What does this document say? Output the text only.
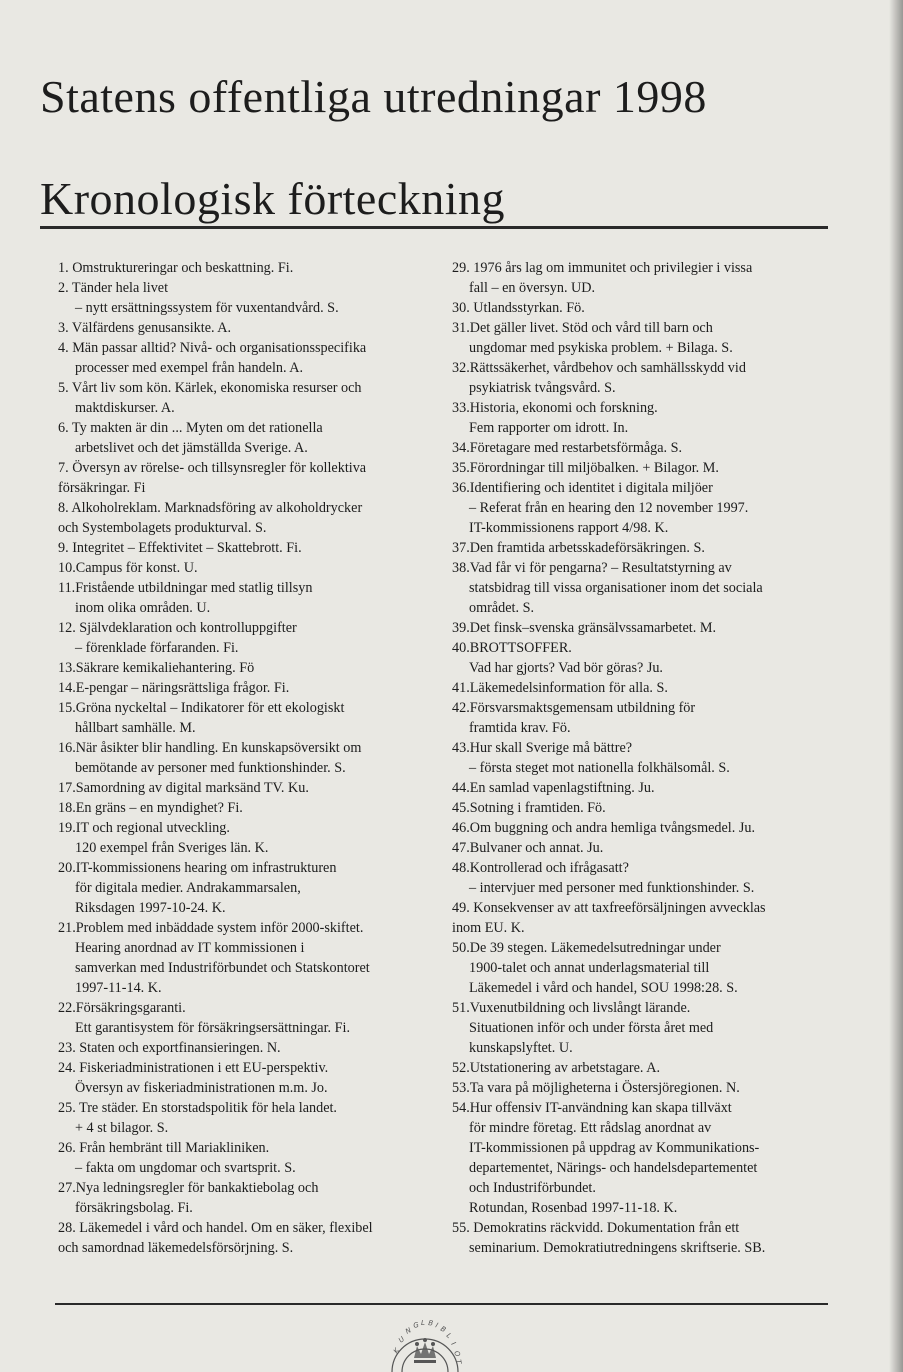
Statens offentliga utredningar 1998
Kronologisk förteckning

1. Omstruktureringar och beskattning. Fi.

2. Tänder hela livet
– nytt ersättningssystem för vuxentandvård. S.

3. Välfärdens genusansikte. A.

4. Män passar alltid? Nivå- och organisationsspecifika
processer med exempel från handeln. A.

5. Vårt liv som kön. Kärlek, ekonomiska resurser och
maktdiskurser. A.

6. Ty makten är din ... Myten om det rationella
arbetslivet och det jämställda Sverige. A.

7. Översyn av rörelse- och tillsynsregler för kollektiva
försäkringar. Fi

8. Alkoholreklam. Marknadsföring av alkoholdrycker
och Systembolagets produkturval. S.

9. Integritet – Effektivitet – Skattebrott. Fi.

10.Campus för konst. U.

11.Fristående utbildningar med statlig tillsyn
inom olika områden. U.

12. Självdeklaration och kontrolluppgifter
– förenklade förfaranden. Fi.

13.Säkrare kemikaliehantering. Fö

14.E-pengar – näringsrättsliga frågor. Fi.

15.Gröna nyckeltal – Indikatorer för ett ekologiskt
hållbart samhälle. M.

16.När åsikter blir handling. En kunskapsöversikt om
bemötande av personer med funktionshinder. S.

17.Samordning av digital marksänd TV. Ku.

18.En gräns – en myndighet? Fi.

19.IT och regional utveckling.
120 exempel från Sveriges län. K.

20.IT-kommissionens hearing om infrastrukturen
för digitala medier. Andrakammarsalen,
Riksdagen 1997-10-24. K.

21.Problem med inbäddade system inför 2000-skiftet.
Hearing anordnad av IT kommissionen i
samverkan med Industriförbundet och Statskontoret
1997-11-14. K.

22.Försäkringsgaranti.
Ett garantisystem för försäkringsersättningar. Fi.

23. Staten och exportfinansieringen. N.

24. Fiskeriadministrationen i ett EU-perspektiv.
Översyn av fiskeriadministrationen m.m. Jo.

25. Tre städer. En storstadspolitik för hela landet.
+ 4 st bilagor. S.

26. Från hembränt till Mariakliniken.
– fakta om ungdomar och svartsprit. S.

27.Nya ledningsregler för bankaktiebolag och
försäkringsbolag. Fi.

28. Läkemedel i vård och handel. Om en säker, flexibel
och samordnad läkemedelsförsörjning. S.

29. 1976 års lag om immunitet och privilegier i vissa
fall – en översyn. UD.

30. Utlandsstyrkan. Fö.

31.Det gäller livet. Stöd och vård till barn och
ungdomar med psykiska problem. + Bilaga. S.

32.Rättssäkerhet, vårdbehov och samhällsskydd vid
psykiatrisk tvångsvård. S.

33.Historia, ekonomi och forskning.
Fem rapporter om idrott. In.

34.Företagare med restarbetsförmåga. S.

35.Förordningar till miljöbalken. + Bilagor. M.

36.Identifiering och identitet i digitala miljöer
– Referat från en hearing den 12 november 1997.
IT-kommissionens rapport 4/98. K.

37.Den framtida arbetsskadeförsäkringen. S.

38.Vad får vi för pengarna? – Resultatstyrning av
statsbidrag till vissa organisationer inom det sociala
området. S.

39.Det finsk–svenska gränsälvssamarbetet. M.

40.BROTTSOFFER.
Vad har gjorts? Vad bör göras? Ju.

41.Läkemedelsinformation för alla. S.

42.Försvarsmaktsgemensam utbildning för
framtida krav. Fö.

43.Hur skall Sverige må bättre?
– första steget mot nationella folkhälsomål. S.

44.En samlad vapenlagstiftning. Ju.

45.Sotning i framtiden. Fö.

46.Om buggning och andra hemliga tvångsmedel. Ju.

47.Bulvaner och annat. Ju.

48.Kontrollerad och ifrågasatt?
– intervjuer med personer med funktionshinder. S.

49. Konsekvenser av att taxfreeförsäljningen avvecklas
inom EU. K.

50.De 39 stegen. Läkemedelsutredningar under
1900-talet och annat underlagsmaterial till
Läkemedel i vård och handel, SOU 1998:28. S.

51.Vuxenutbildning och livslångt lärande.
Situationen inför och under första året med
kunskapslyftet. U.

52.Utstationering av arbetstagare. A.

53.Ta vara på möjligheterna i Östersjöregionen. N.

54.Hur offensiv IT-användning kan skapa tillväxt
för mindre företag. Ett rådslag anordnat av
IT-kommissionen på uppdrag av Kommunikations-
departementet, Närings- och handelsdepartementet
och Industriförbundet.
Rotundan, Rosenbad 1997-11-18. K.

55. Demokratins räckvidd. Dokumentation från ett
seminarium. Demokratiutredningens skriftserie. SB.

K
U
N
G L B I B
L
I
O
T
